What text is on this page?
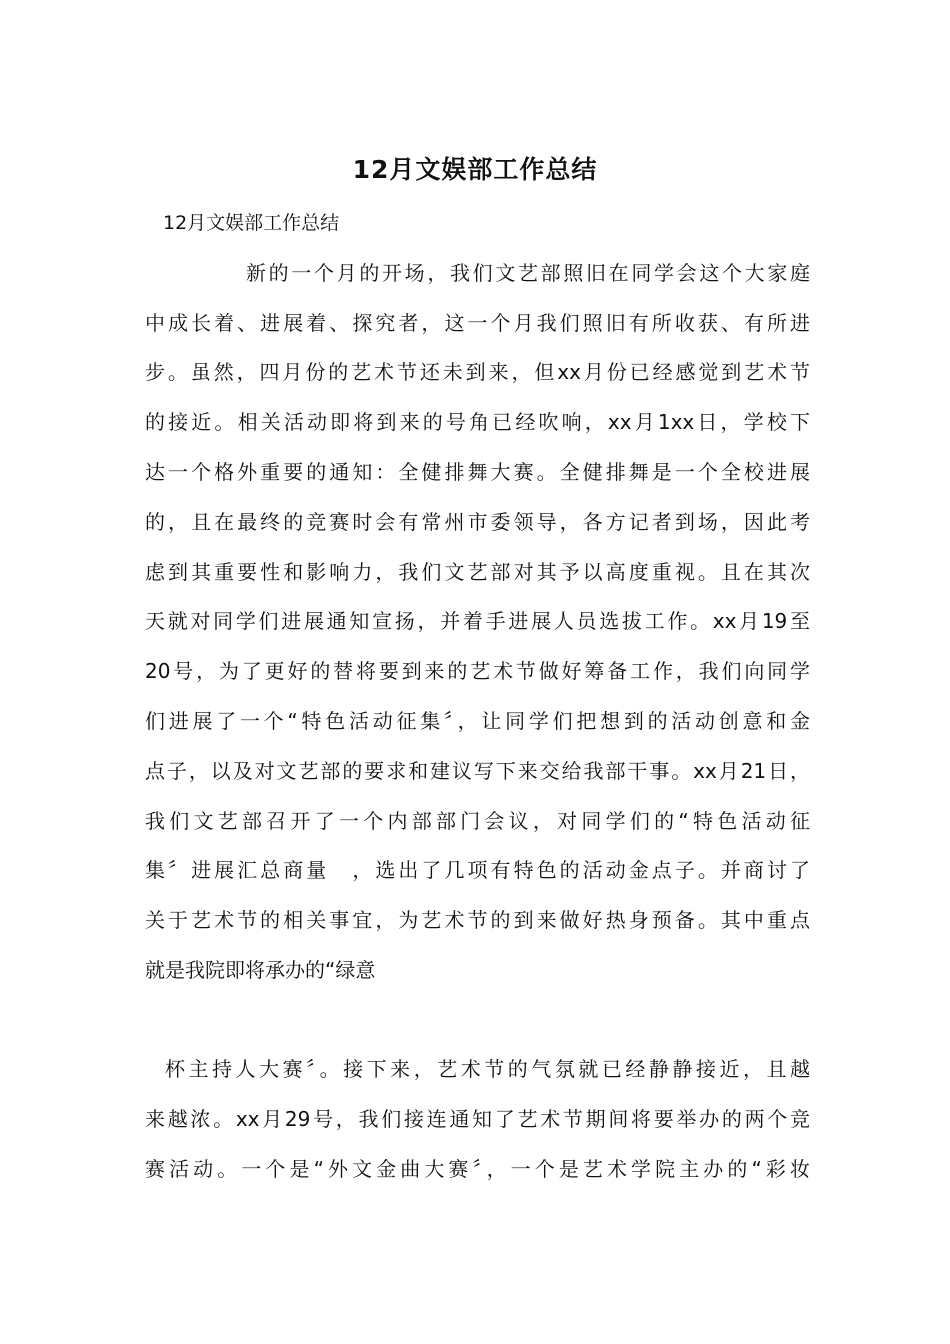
12月文娱部工作总结
12月文娱部工作总结
新的一个月的开场，我们文艺部照旧在同学会这个大家庭
中成长着、进展着、探究者，这一个月我们照旧有所收获、有所进
步。虽然，四月份的艺术节还未到来，但xx月份已经感觉到艺术节
的接近。相关活动即将到来的号角已经吹响，xx月1xx日，学校下
达一个格外重要的通知：全健排舞大赛。全健排舞是一个全校进展
的，且在最终的竞赛时会有常州市委领导，各方记者到场，因此考
虑到其重要性和影响力，我们文艺部对其予以高度重视。且在其次
天就对同学们进展通知宣扬，并着手进展人员选拔工作。xx月19至
20号，为了更好的替将要到来的艺术节做好筹备工作，我们向同学
们进展了一个“特色活动征集〞，让同学们把想到的活动创意和金
点子，以及对文艺部的要求和建议写下来交给我部干事。xx月21日，
我们文艺部召开了一个内部部门会议，对同学们的“特色活动征
集〞进展汇总商量　，选出了几项有特色的活动金点子。并商讨了
关于艺术节的相关事宜，为艺术节的到来做好热身预备。其中重点
就是我院即将承办的“绿意
杯主持人大赛〞。接下来，艺术节的气氛就已经静静接近，且越
来越浓。xx月29号，我们接连通知了艺术节期间将要举办的两个竞
赛活动。一个是“外文金曲大赛〞，一个是艺术学院主办的“彩妆
